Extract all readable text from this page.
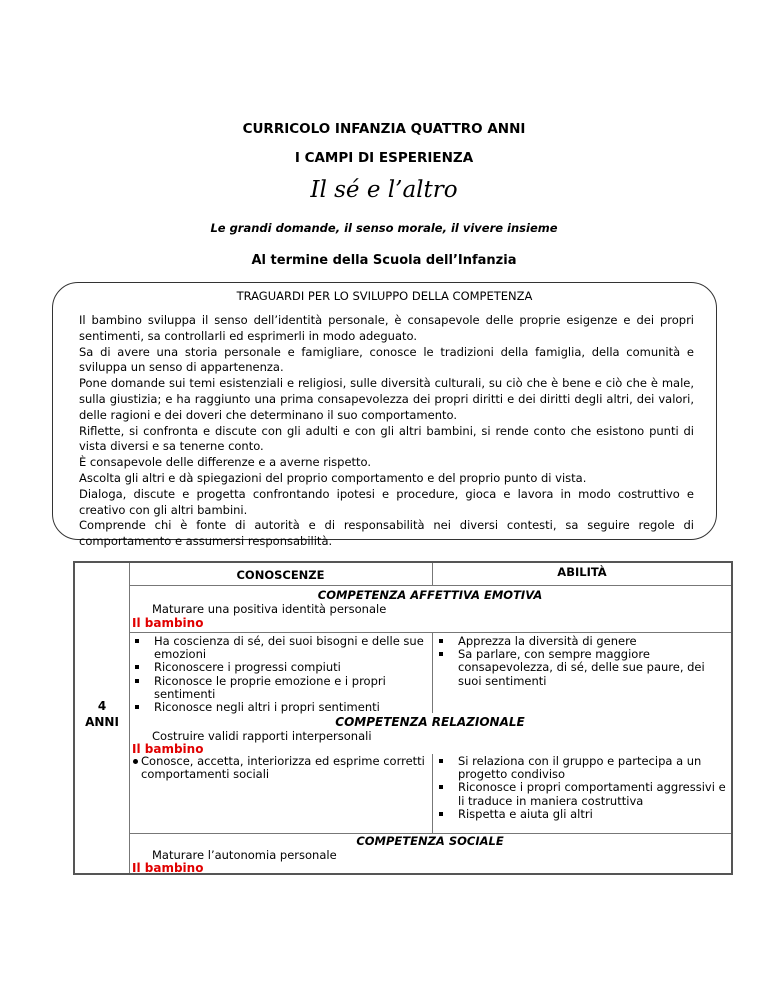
CURRICOLO INFANZIA QUATTRO ANNI
I CAMPI DI ESPERIENZA
Il sé e l’altro
Le grandi domande, il senso morale, il vivere insieme
Al termine della Scuola dell’Infanzia
TRAGUARDI PER LO SVILUPPO DELLA COMPETENZA

Il bambino sviluppa il senso dell’identità personale, è consapevole delle proprie esigenze e dei propri sentimenti, sa controllarli ed esprimerli in modo adeguato.

Sa di avere una storia personale e famigliare, conosce le tradizioni della famiglia, della comunità e sviluppa un senso di appartenenza.

Pone domande sui temi esistenziali e religiosi, sulle diversità culturali, su ciò che è bene e ciò che è male, sulla giustizia; e ha raggiunto una prima consapevolezza dei propri diritti e dei diritti degli altri, dei valori, delle ragioni e dei doveri che determinano il suo comportamento.

Riflette, si confronta e discute con gli adulti e con gli altri bambini, si rende conto che esistono punti di vista diversi e sa tenerne conto.

È consapevole delle differenze e a averne rispetto.

Ascolta gli altri e dà spiegazioni del proprio comportamento e del proprio punto di vista.

Dialoga, discute e progetta confrontando ipotesi e procedure, gioca e lavora in modo costruttivo e creativo con gli altri bambini.

Comprende chi è fonte di autorità e di responsabilità nei diversi contesti, sa seguire regole di comportamento e assumersi responsabilità.

CONOSCENZE	ABILITÀ
4
ANNI
COMPETENZA AFFETTIVA EMOTIVA
Maturare una positiva identità personale
Il bambino
Ha coscienza di sé, dei suoi bisogni e delle sue emozioni
Riconoscere i progressi compiuti
Riconosce le proprie emozione e i propri sentimenti
Riconosce negli altri i propri sentimenti
Apprezza la diversità di genere
Sa parlare, con sempre maggiore consapevolezza, di sé, delle sue paure, dei suoi sentimenti
COMPETENZA RELAZIONALE
Costruire validi rapporti interpersonali
Il bambino
Conosce, accetta, interiorizza ed esprime corretti comportamenti sociali
Si relaziona con il gruppo e partecipa a un progetto condiviso
Riconosce i propri comportamenti aggressivi e li traduce in maniera costruttiva
Rispetta e aiuta gli altri
COMPETENZA SOCIALE
Maturare l’autonomia personale
Il bambino
